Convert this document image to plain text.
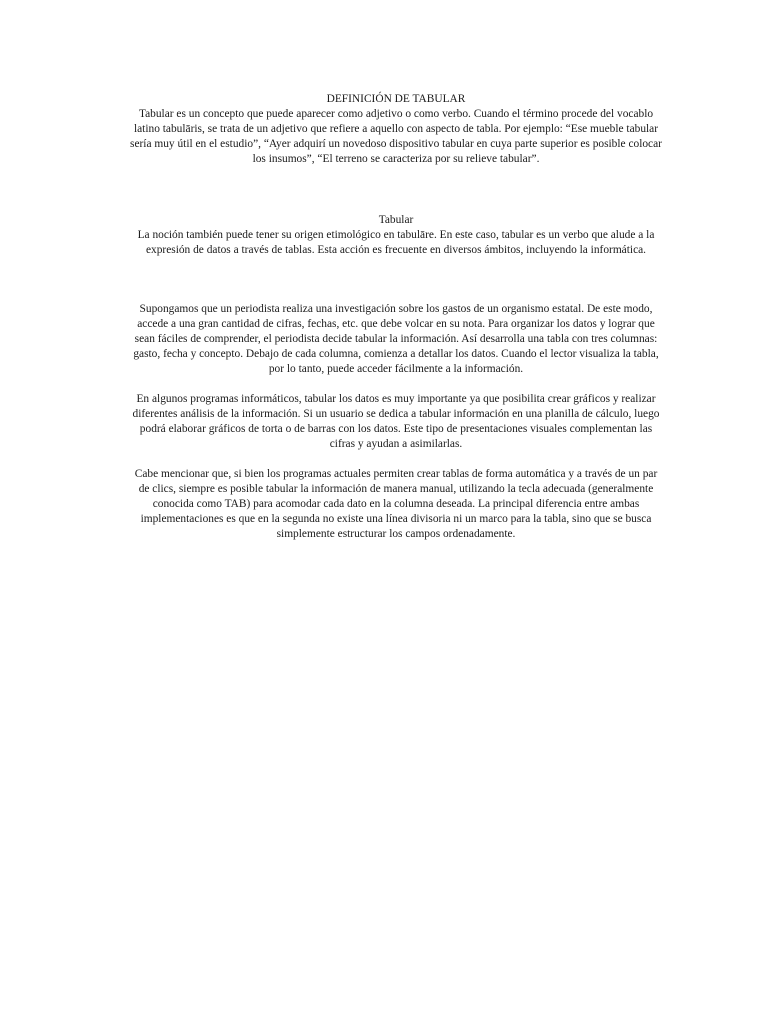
DEFINICIÓN DE TABULAR

Tabular es un concepto que puede aparecer como adjetivo o como verbo. Cuando el término procede del vocablo latino tabulāris, se trata de un adjetivo que refiere a aquello con aspecto de tabla. Por ejemplo: “Ese mueble tabular sería muy útil en el estudio”, “Ayer adquirí un novedoso dispositivo tabular en cuya parte superior es posible colocar los insumos”, “El terreno se caracteriza por su relieve tabular”.

Tabular

La noción también puede tener su origen etimológico en tabulāre. En este caso, tabular es un verbo que alude a la expresión de datos a través de tablas. Esta acción es frecuente en diversos ámbitos, incluyendo la informática.

Supongamos que un periodista realiza una investigación sobre los gastos de un organismo estatal. De este modo, accede a una gran cantidad de cifras, fechas, etc. que debe volcar en su nota. Para organizar los datos y lograr que sean fáciles de comprender, el periodista decide tabular la información. Así desarrolla una tabla con tres columnas: gasto, fecha y concepto. Debajo de cada columna, comienza a detallar los datos. Cuando el lector visualiza la tabla, por lo tanto, puede acceder fácilmente a la información.

En algunos programas informáticos, tabular los datos es muy importante ya que posibilita crear gráficos y realizar diferentes análisis de la información. Si un usuario se dedica a tabular información en una planilla de cálculo, luego podrá elaborar gráficos de torta o de barras con los datos. Este tipo de presentaciones visuales complementan las cifras y ayudan a asimilarlas.

Cabe mencionar que, si bien los programas actuales permiten crear tablas de forma automática y a través de un par de clics, siempre es posible tabular la información de manera manual, utilizando la tecla adecuada (generalmente conocida como TAB) para acomodar cada dato en la columna deseada. La principal diferencia entre ambas implementaciones es que en la segunda no existe una línea divisoria ni un marco para la tabla, sino que se busca simplemente estructurar los campos ordenadamente.
